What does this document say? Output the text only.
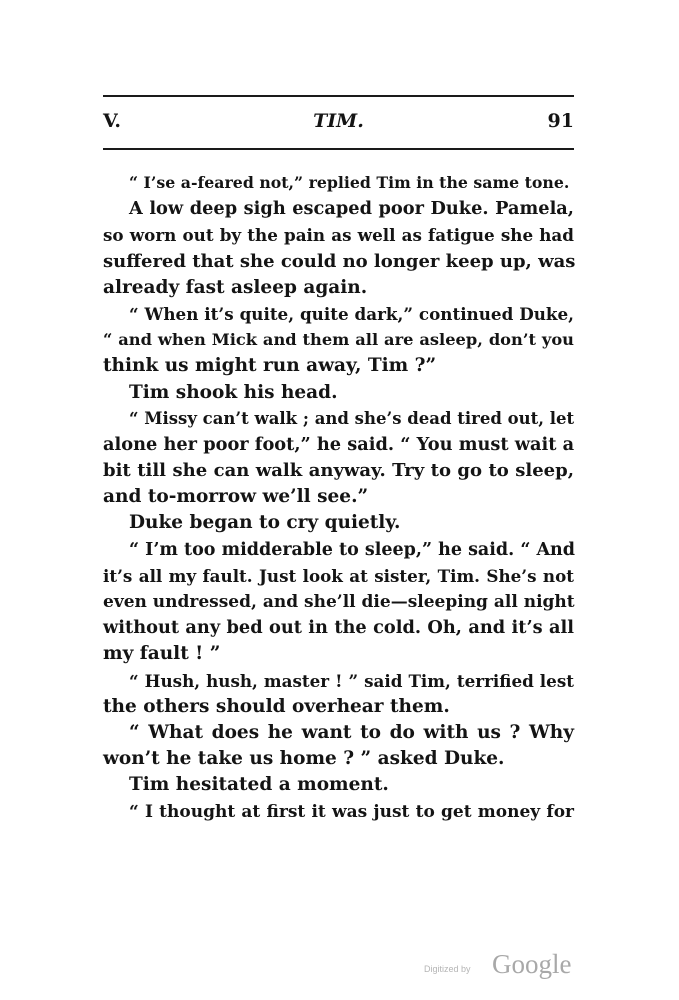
V.	TIM.	91
“ I’se a-feared not,” replied Tim in the same tone.
A low deep sigh escaped poor Duke. Pamela,
so worn out by the pain as well as fatigue she had
suffered that she could no longer keep up, was
already fast asleep again.
“ When it’s quite, quite dark,” continued Duke,
“ and when Mick and them all are asleep, don’t you
think us might run away, Tim ?”
Tim shook his head.
“ Missy can’t walk ; and she’s dead tired out, let
alone her poor foot,” he said. “ You must wait a
bit till she can walk anyway. Try to go to sleep,
and to-morrow we’ll see.”
Duke began to cry quietly.
“ I’m too midderable to sleep,” he said. “ And
it’s all my fault. Just look at sister, Tim. She’s not
even undressed, and she’ll die—sleeping all night
without any bed out in the cold. Oh, and it’s all
my fault ! ”
“ Hush, hush, master ! ” said Tim, terrified lest
the others should overhear them.
“ What does he want to do with us ? Why
won’t he take us home ? ” asked Duke.
Tim hesitated a moment.
“ I thought at first it was just to get money for
Digitized by Google
